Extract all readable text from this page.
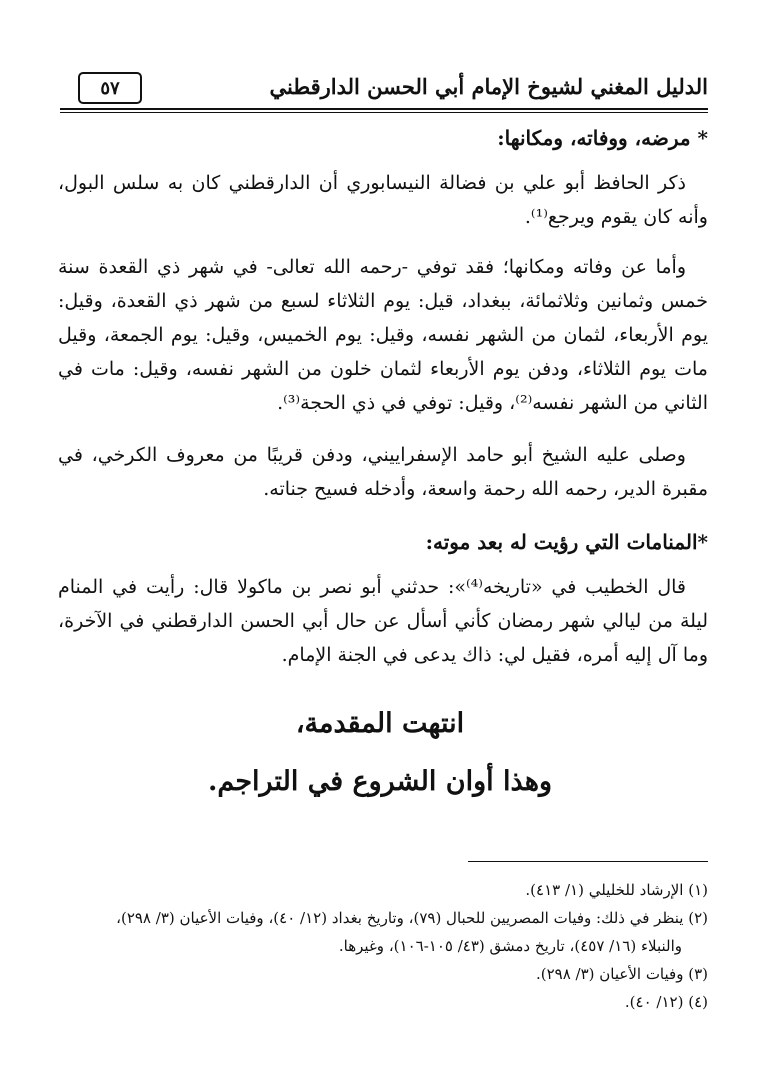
الدليل المغني لشيوخ الإمام أبي الحسن الدارقطني
٥٧
* مرضه، ووفاته، ومكانها:

ذكر الحافظ أبو علي بن فضالة النيسابوري أن الدارقطني كان به سلس البول، وأنه كان يقوم ويرجع⁽¹⁾.

وأما عن وفاته ومكانها؛ فقد توفي -رحمه الله تعالى- في شهر ذي القعدة سنة خمس وثمانين وثلاثمائة، ببغداد، قيل: يوم الثلاثاء لسبع من شهر ذي القعدة، وقيل: يوم الأربعاء، لثمان من الشهر نفسه، وقيل: يوم الخميس، وقيل: يوم الجمعة، وقيل مات يوم الثلاثاء، ودفن يوم الأربعاء لثمان خلون من الشهر نفسه، وقيل: مات في الثاني من الشهر نفسه⁽²⁾، وقيل: توفي في ذي الحجة⁽³⁾.

وصلى عليه الشيخ أبو حامد الإسفراييني، ودفن قريبًا من معروف الكرخي، في مقبرة الدير، رحمه الله رحمة واسعة، وأدخله فسيح جناته.

*المنامات التي رؤيت له بعد موته:

قال الخطيب في «تاريخه⁽⁴⁾»: حدثني أبو نصر بن ماكولا قال: رأيت في المنام ليلة من ليالي شهر رمضان كأني أسأل عن حال أبي الحسن الدارقطني في الآخرة، وما آل إليه أمره، فقيل لي: ذاك يدعى في الجنة الإمام.

انتهت المقدمة،
وهذا أوان الشروع في التراجم.
(١) الإرشاد للخليلي (١/ ٤١٣).
(٢) ينظر في ذلك: وفيات المصريين للحبال (٧٩)، وتاريخ بغداد (١٢/ ٤٠)، وفيات الأعيان (٣/ ٢٩٨)،
والنبلاء (١٦/ ٤٥٧)، تاريخ دمشق (٤٣/ ١٠٥-١٠٦)، وغيرها.
(٣) وفيات الأعيان (٣/ ٢٩٨).
(٤) (١٢/ ٤٠).
